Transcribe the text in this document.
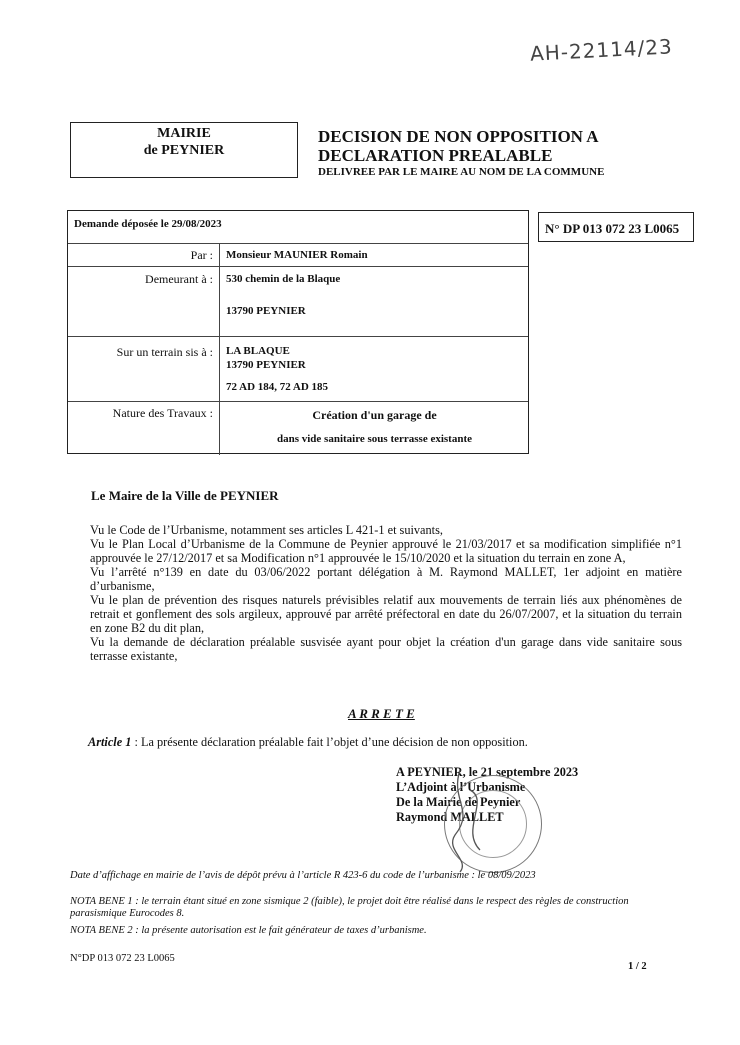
AH-22114/23
MAIRIE
de PEYNIER
DECISION DE NON OPPOSITION A
DECLARATION PREALABLE
DELIVREE PAR LE MAIRE AU NOM DE LA COMMUNE
N° DP 013 072 23 L0065
Demande déposée le 29/08/2023
Par : Monsieur MAUNIER Romain
Demeurant à : 530 chemin de la Blaque
13790 PEYNIER
Sur un terrain sis à : LA BLAQUE
13790 PEYNIER
72 AD 184, 72 AD 185
Nature des Travaux :	Création d'un garage de
dans vide sanitaire sous terrasse existante
Le Maire de la Ville de PEYNIER
Vu le Code de l’Urbanisme, notamment ses articles L 421-1 et suivants,
Vu le Plan Local d’Urbanisme de la Commune de Peynier approuvé le 21/03/2017 et sa modification simplifiée n°1 approuvée le 27/12/2017 et sa Modification n°1 approuvée le 15/10/2020 et la situation du terrain en zone A,
Vu l’arrêté n°139 en date du 03/06/2022 portant délégation à M. Raymond MALLET, 1er adjoint en matière d’urbanisme,
Vu le plan de prévention des risques naturels prévisibles relatif aux mouvements de terrain liés aux phénomènes de retrait et gonflement des sols argileux, approuvé par arrêté préfectoral en date du 26/07/2007, et la situation du terrain en zone B2 du dit plan,
Vu la demande de déclaration préalable susvisée ayant pour objet la création d'un garage dans vide sanitaire sous terrasse existante,
A R R E T E
Article 1 : La présente déclaration préalable fait l’objet d’une décision de non opposition.
A PEYNIER, le 21 septembre 2023
L’Adjoint à l’Urbanisme
De la Mairie de Peynier
Raymond MALLET
Date d’affichage en mairie de l’avis de dépôt prévu à l’article R 423-6 du code de l’urbanisme : le 08/09/2023
NOTA BENE 1 : le terrain étant situé en zone sismique 2 (faible), le projet doit être réalisé dans le respect des règles de construction parasismique Eurocodes 8.
NOTA BENE 2 : la présente autorisation est le fait générateur de taxes d’urbanisme.
N°DP 013 072 23 L0065
1 / 2
